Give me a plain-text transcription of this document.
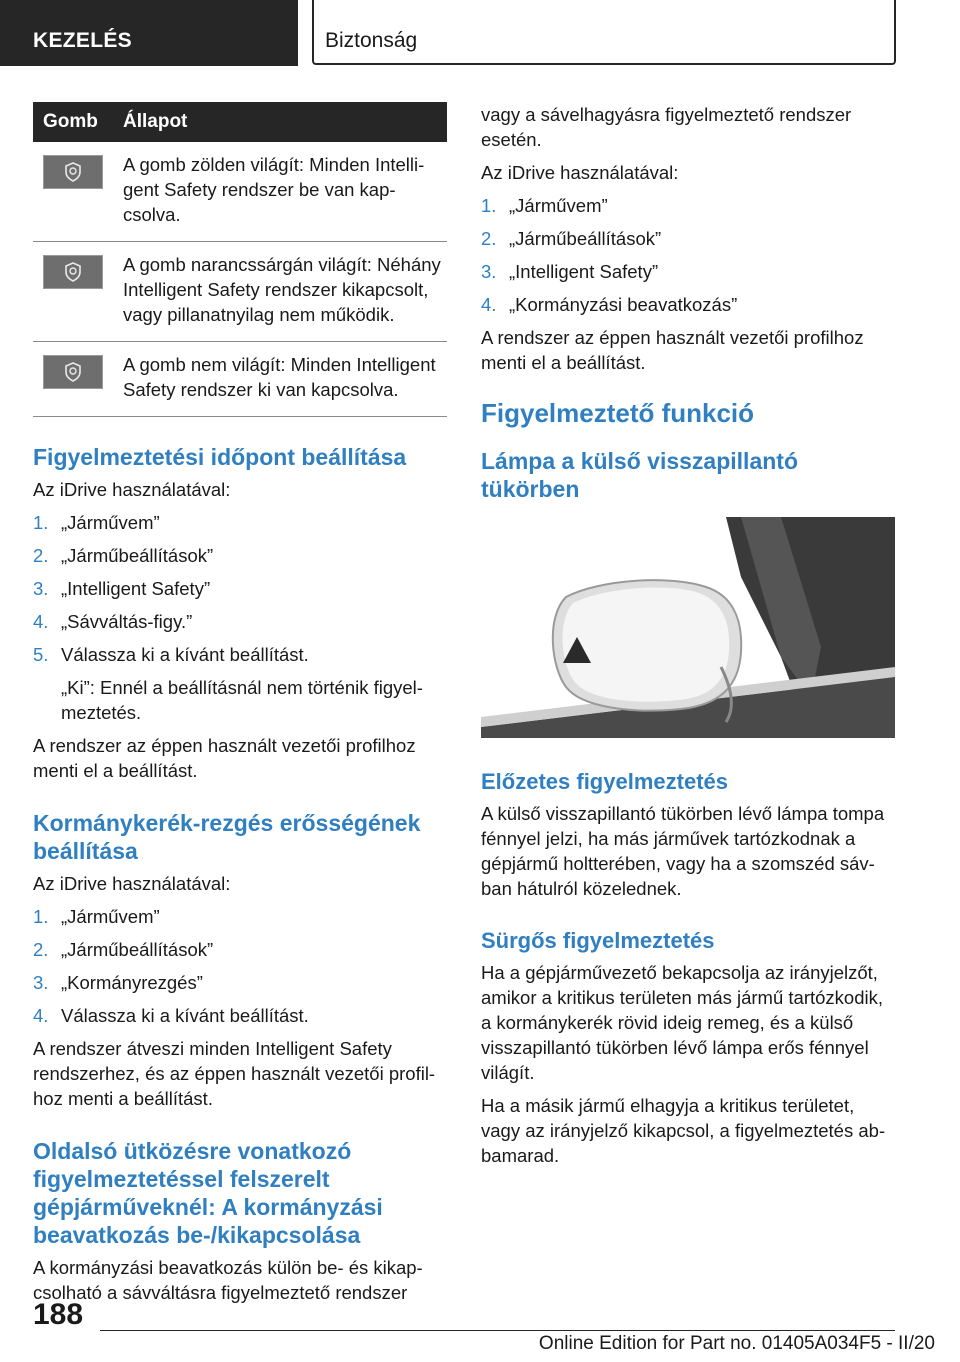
KEZELÉS	Biztonság
Gomb	Állapot

	A gomb zölden világít: Minden Intelli-gent Safety rendszer be van kap-csolva.

	A gomb narancssárgán világít: Néhány Intelligent Safety rendszer kikapcsolt, vagy pillanatnyilag nem működik.

	A gomb nem világít: Minden Intelligent Safety rendszer ki van kapcsolva.
Figyelmeztetési időpont beállítása

Az iDrive használatával:

1. „Járművem”
2. „Járműbeállítások”
3. „Intelligent Safety”
4. „Sávváltás-figy.”
5. Válassza ki a kívánt beállítást.
„Ki”: Ennél a beállításnál nem történik figyel-meztetés.

A rendszer az éppen használt vezetői profilhoz menti el a beállítást.

Kormánykerék-rezgés erősségének beállítása

Az iDrive használatával:

1. „Járművem”
2. „Járműbeállítások”
3. „Kormányrezgés”
4. Válassza ki a kívánt beállítást.

A rendszer átveszi minden Intelligent Safety rendszerhez, és az éppen használt vezetői profil-hoz menti a beállítást.

Oldalsó ütközésre vonatkozó figyelmeztetéssel felszerelt gépjárműveknél: A kormányzási beavatkozás be-/kikapcsolása

A kormányzási beavatkozás külön be- és kikap-csolható a sávváltásra figyelmeztető rendszer

vagy a sávelhagyásra figyelmeztető rendszer esetén.

Az iDrive használatával:

1. „Járművem”
2. „Járműbeállítások”
3. „Intelligent Safety”
4. „Kormányzási beavatkozás”

A rendszer az éppen használt vezetői profilhoz menti el a beállítást.

Figyelmeztető funkció
Lámpa a külső visszapillantó tükörben
Előzetes figyelmeztetés

A külső visszapillantó tükörben lévő lámpa tompa fénnyel jelzi, ha más járművek tartózkodnak a gépjármű holtterében, vagy ha a szomszéd sáv-ban hátulról közelednek.

Sürgős figyelmeztetés

Ha a gépjárművezető bekapcsolja az irányjelzőt, amikor a kritikus területen más jármű tartózkodik, a kormánykerék rövid ideig remeg, és a külső visszapillantó tükörben lévő lámpa erős fénnyel világít.

Ha a másik jármű elhagyja a kritikus területet, vagy az irányjelző kikapcsol, a figyelmeztetés ab-bamarad.

188
Online Edition for Part no. 01405A034F5 - II/20
